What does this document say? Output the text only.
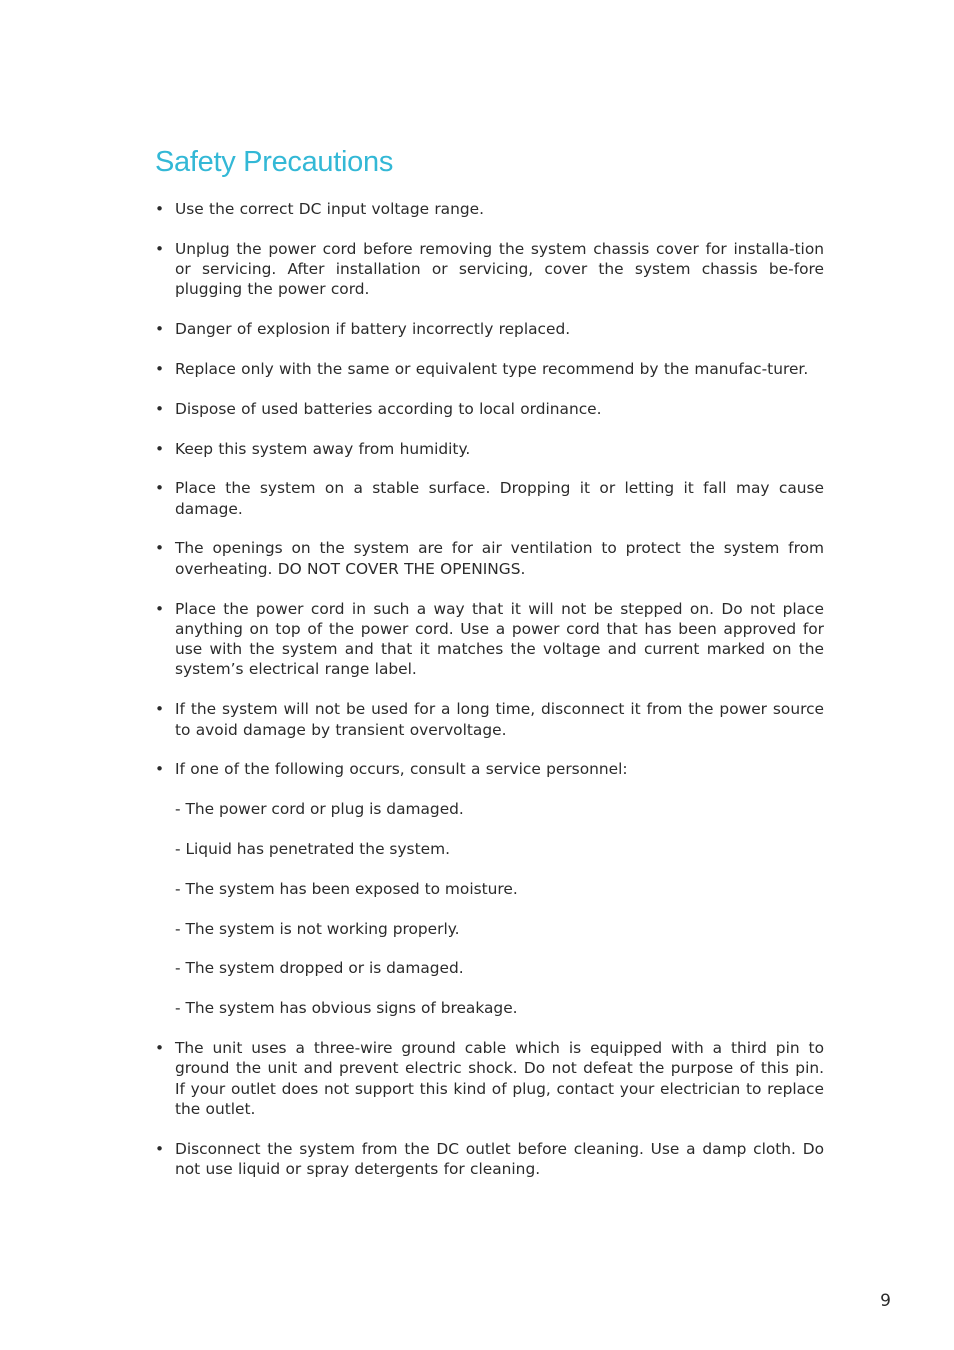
Safety Precautions
• Use the correct DC input voltage range.
• Unplug the power cord before removing the system chassis cover for installa-tion or servicing. After installation or servicing, cover the system chassis be-fore plugging the power cord.
• Danger of explosion if battery incorrectly replaced.
• Replace only with the same or equivalent type recommend by the manufac-turer.
• Dispose of used batteries according to local ordinance.
• Keep this system away from humidity.
• Place the system on a stable surface. Dropping it or letting it fall may cause damage.
• The openings on the system are for air ventilation to protect the system from overheating. DO NOT COVER THE OPENINGS.
• Place the power cord in such a way that it will not be stepped on. Do not place anything on top of the power cord. Use a power cord that has been approved for use with the system and that it matches the voltage and current marked on the system’s electrical range label.
• If the system will not be used for a long time, disconnect it from the power source to avoid damage by transient overvoltage.
• If one of the following occurs, consult a service personnel:
- The power cord or plug is damaged.
- Liquid has penetrated the system.
- The system has been exposed to moisture.
- The system is not working properly.
- The system dropped or is damaged.
- The system has obvious signs of breakage.
• The unit uses a three-wire ground cable which is equipped with a third pin to ground the unit and prevent electric shock. Do not defeat the purpose of this pin. If your outlet does not support this kind of plug, contact your electrician to replace the outlet.
• Disconnect the system from the DC outlet before cleaning. Use a damp cloth. Do not use liquid or spray detergents for cleaning.
9
